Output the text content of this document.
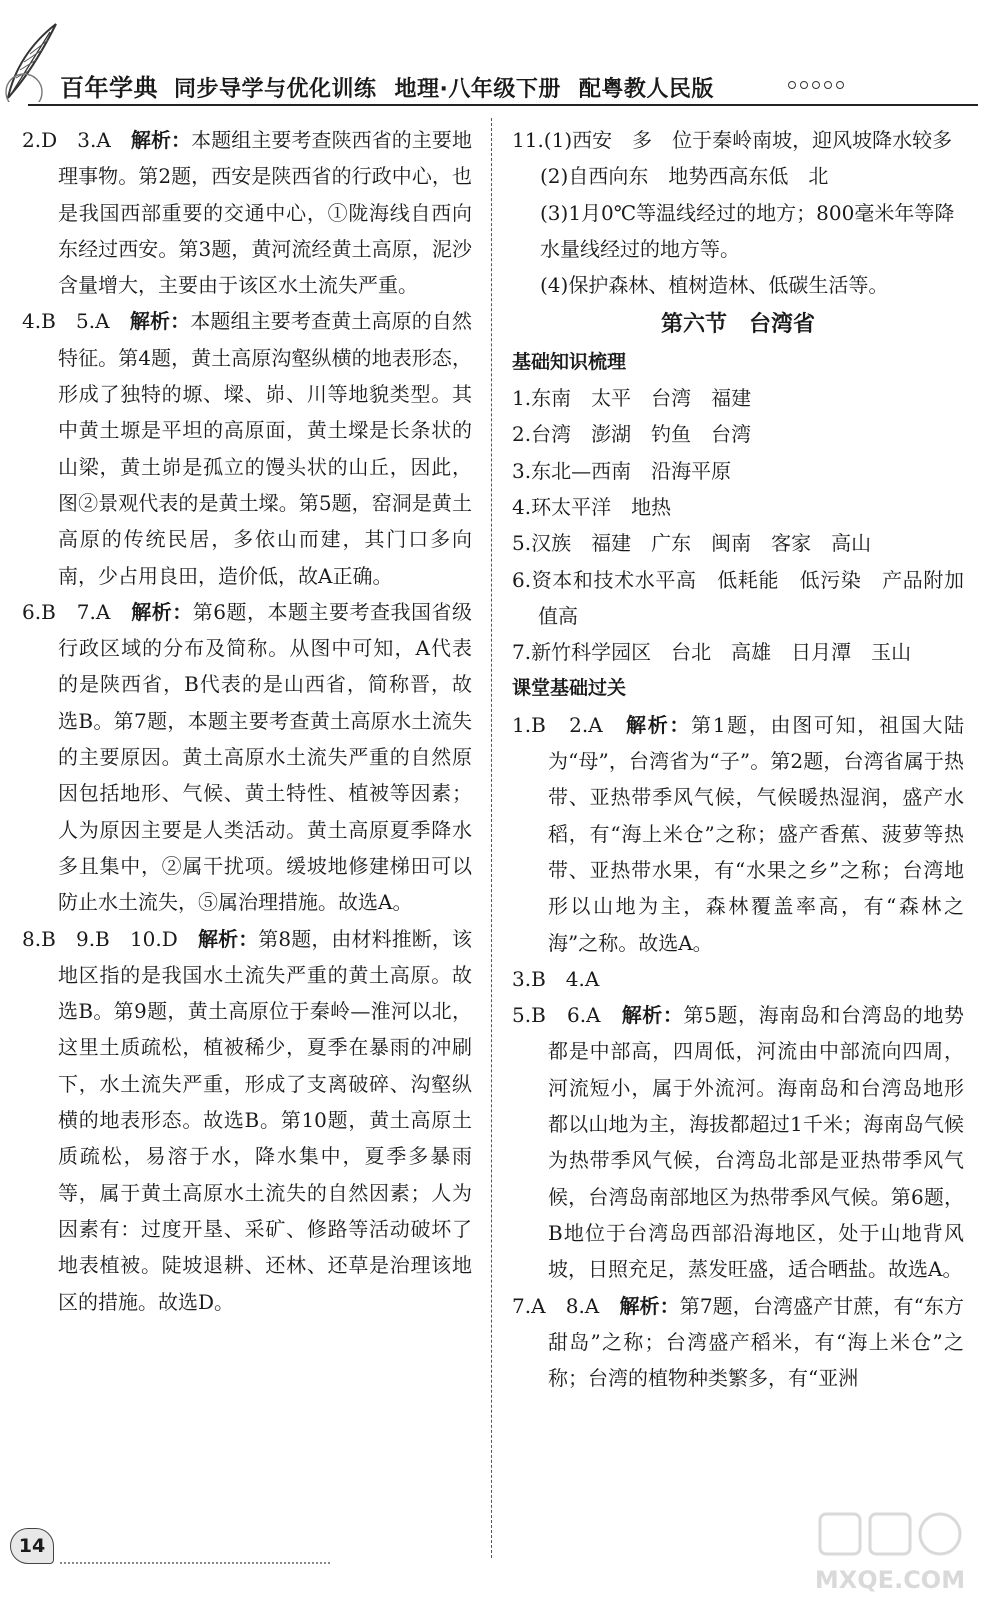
百年学典 同步导学与优化训练 地理·八年级下册 配粤教人民版

2.D　3.A　解析：本题组主要考查陕西省的主要地理事物。第2题，西安是陕西省的行政中心，也是我国西部重要的交通中心，①陇海线自西向东经过西安。第3题，黄河流经黄土高原，泥沙含量增大，主要由于该区水土流失严重。

4.B　5.A　解析：本题组主要考查黄土高原的自然特征。第4题，黄土高原沟壑纵横的地表形态，形成了独特的塬、墚、峁、川等地貌类型。其中黄土塬是平坦的高原面，黄土墚是长条状的山梁，黄土峁是孤立的馒头状的山丘，因此，图②景观代表的是黄土墚。第5题，窑洞是黄土高原的传统民居，多依山而建，其门口多向南，少占用良田，造价低，故A正确。

6.B　7.A　解析：第6题，本题主要考查我国省级行政区域的分布及简称。从图中可知，A代表的是陕西省，B代表的是山西省，简称晋，故选B。第7题，本题主要考查黄土高原水土流失的主要原因。黄土高原水土流失严重的自然原因包括地形、气候、黄土特性、植被等因素；人为原因主要是人类活动。黄土高原夏季降水多且集中，②属干扰项。缓坡地修建梯田可以防止水土流失，⑤属治理措施。故选A。

8.B　9.B　10.D　解析：第8题，由材料推断，该地区指的是我国水土流失严重的黄土高原。故选B。第9题，黄土高原位于秦岭—淮河以北，这里土质疏松，植被稀少，夏季在暴雨的冲刷下，水土流失严重，形成了支离破碎、沟壑纵横的地表形态。故选B。第10题，黄土高原土质疏松，易溶于水，降水集中，夏季多暴雨等，属于黄土高原水土流失的自然因素；人为因素有：过度开垦、采矿、修路等活动破坏了地表植被。陡坡退耕、还林、还草是治理该地区的措施。故选D。

11.(1)西安　多　位于秦岭南坡，迎风坡降水较多

(2)自西向东　地势西高东低　北

(3)1月0℃等温线经过的地方；800毫米年等降水量线经过的地方等。

(4)保护森林、植树造林、低碳生活等。

第六节　台湾省

基础知识梳理

1.东南　太平　台湾　福建

2.台湾　澎湖　钓鱼　台湾

3.东北—西南　沿海平原

4.环太平洋　地热

5.汉族　福建　广东　闽南　客家　高山

6.资本和技术水平高　低耗能　低污染　产品附加值高

7.新竹科学园区　台北　高雄　日月潭　玉山

课堂基础过关

1.B　2.A　解析：第1题，由图可知，祖国大陆为“母”，台湾省为“子”。第2题，台湾省属于热带、亚热带季风气候，气候暖热湿润，盛产水稻，有“海上米仓”之称；盛产香蕉、菠萝等热带、亚热带水果，有“水果之乡”之称；台湾地形以山地为主，森林覆盖率高，有“森林之海”之称。故选A。

3.B　4.A

5.B　6.A　解析：第5题，海南岛和台湾岛的地势都是中部高，四周低，河流由中部流向四周，河流短小，属于外流河。海南岛和台湾岛地形都以山地为主，海拔都超过1千米；海南岛气候为热带季风气候，台湾岛北部是亚热带季风气候，台湾岛南部地区为热带季风气候。第6题，B地位于台湾岛西部沿海地区，处于山地背风坡，日照充足，蒸发旺盛，适合晒盐。故选A。

7.A　8.A　解析：第7题，台湾盛产甘蔗，有“东方甜岛”之称；台湾盛产稻米，有“海上米仓”之称；台湾的植物种类繁多，有“亚洲

14
MXQE.COM
